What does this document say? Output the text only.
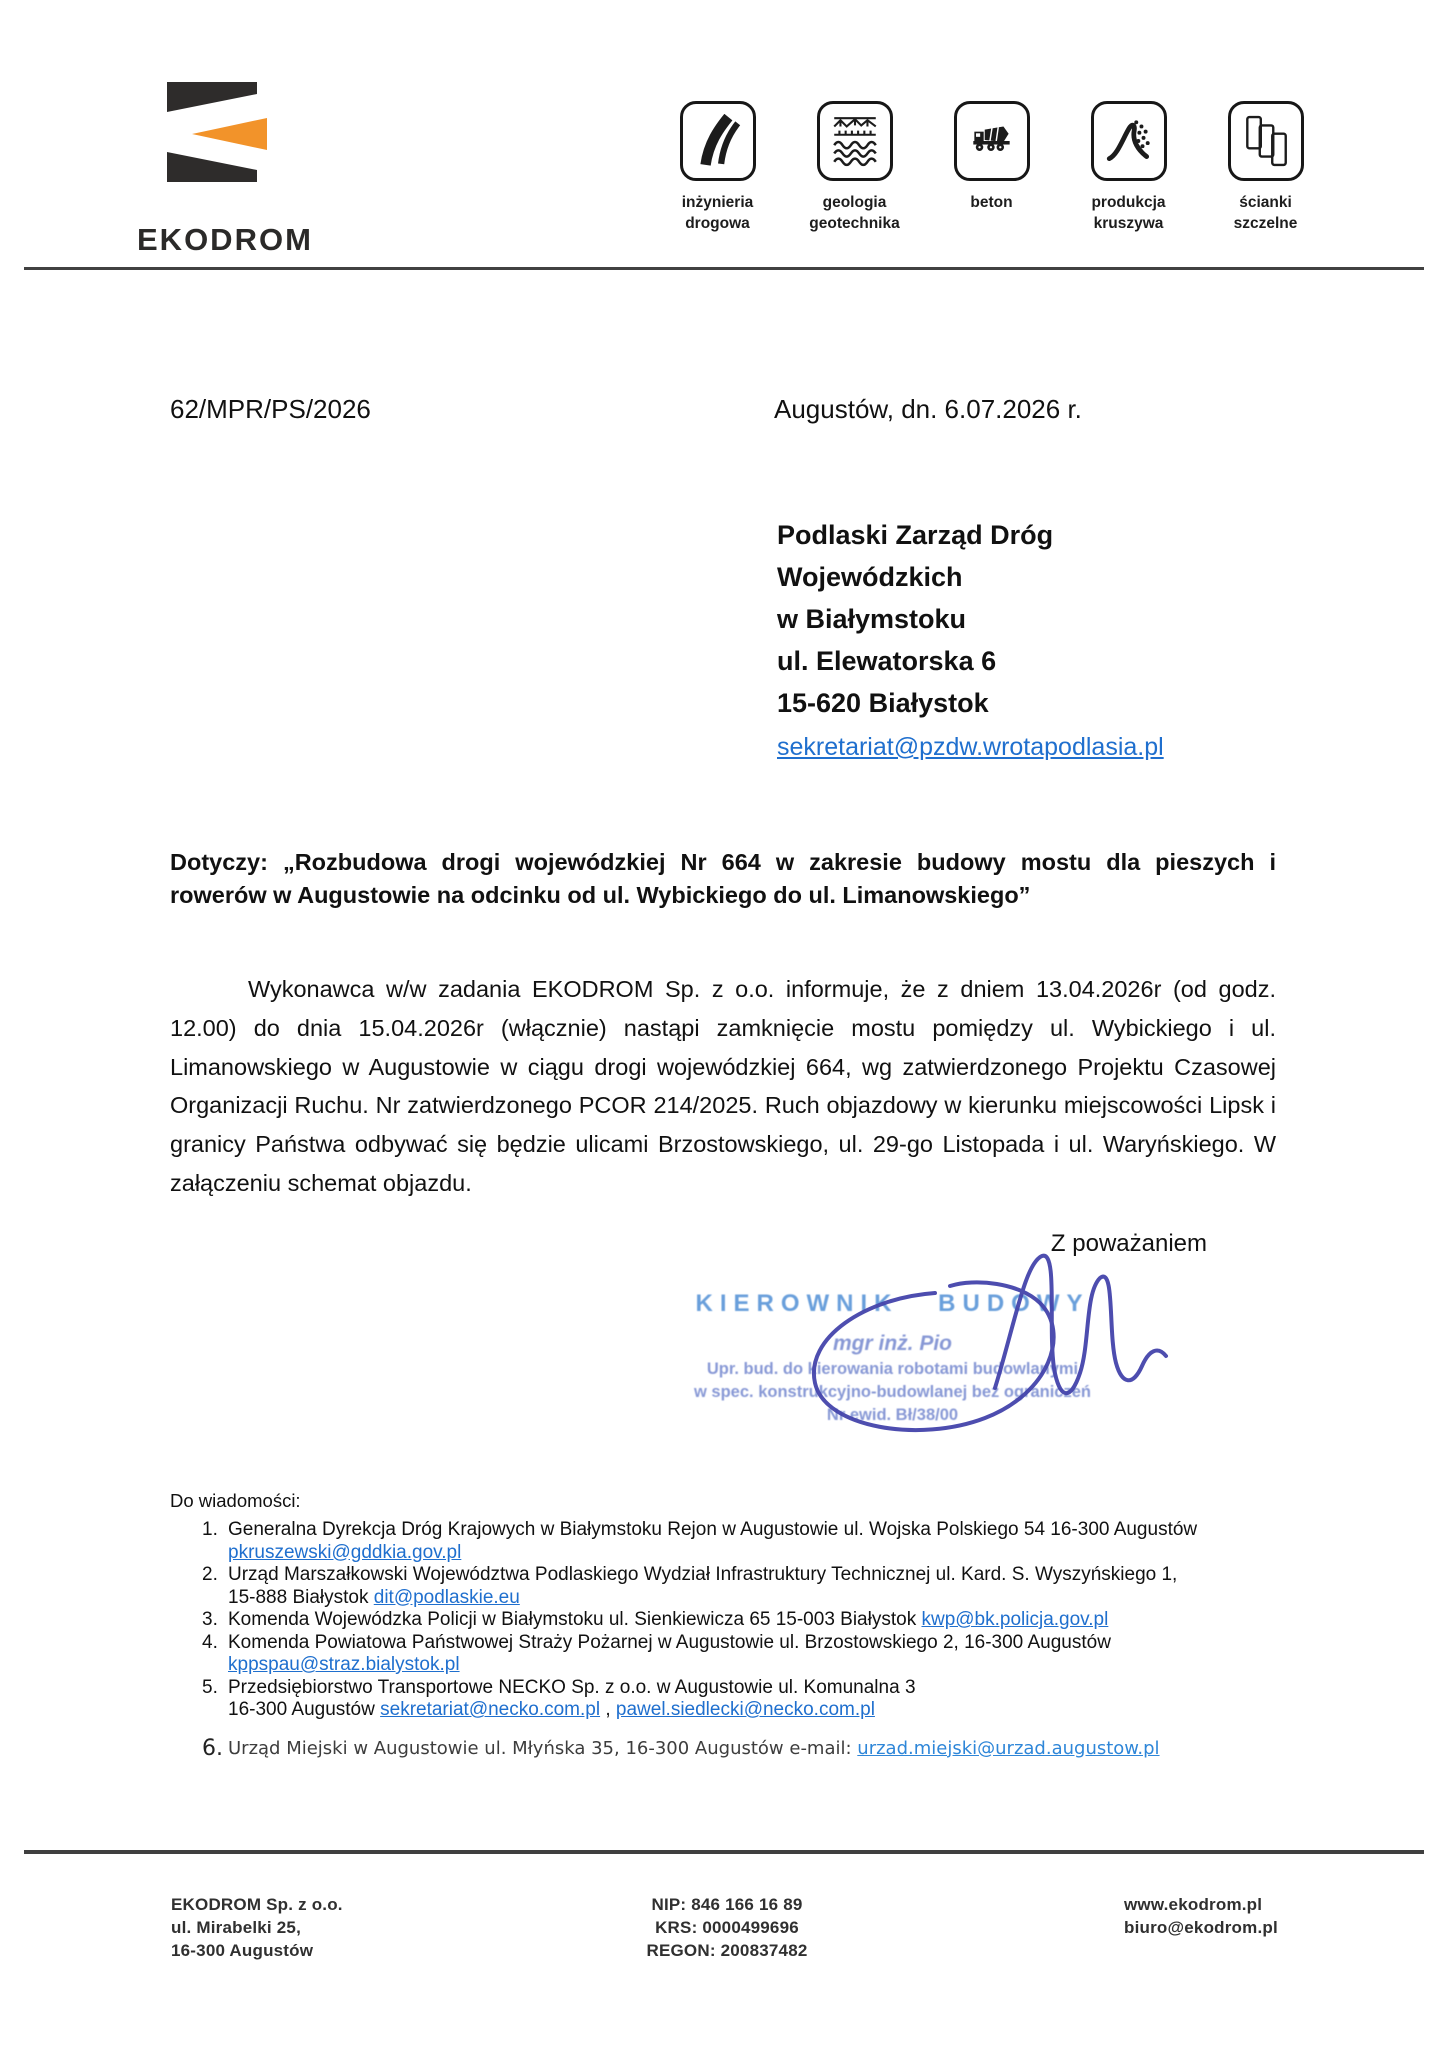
EKODROM
inżynieria
drogowa
geologia
geotechnika
beton	produkcja
kruszywa
ścianki
szczelne
62/MPR/PS/2026	Augustów, dn. 6.07.2026 r.
Podlaski Zarząd Dróg
Wojewódzkich
w Białymstoku
ul. Elewatorska 6
15-620 Białystok
sekretariat@pzdw.wrotapodlasia.pl
Dotyczy: „Rozbudowa drogi wojewódzkiej Nr 664 w zakresie budowy mostu dla pieszych i rowerów w Augustowie na odcinku od ul. Wybickiego do ul. Limanowskiego”
Wykonawca w/w zadania EKODROM Sp. z o.o. informuje, że z dniem 13.04.2026r (od godz. 12.00) do dnia 15.04.2026r (włącznie) nastąpi zamknięcie mostu pomiędzy ul. Wybickiego i ul. Limanowskiego w Augustowie w ciągu drogi wojewódzkiej 664, wg zatwierdzonego Projektu Czasowej Organizacji Ruchu. Nr zatwierdzonego PCOR 214/2025. Ruch objazdowy w kierunku miejscowości Lipsk i granicy Państwa odbywać się będzie ulicami Brzostowskiego, ul. 29-go Listopada i ul. Waryńskiego. W załączeniu schemat objazdu.
Z poważaniem
KIEROWNIK BUDOWY
mgr inż. Pio
Upr. bud. do kierowania robotami budowlanymi
w spec. konstrukcyjno-budowlanej bez ograniczeń
Nr ewid. Bł/38/00
Do wiadomości:
1. Generalna Dyrekcja Dróg Krajowych w Białymstoku Rejon w Augustowie ul. Wojska Polskiego 54 16-300 Augustów
pkruszewski@gddkia.gov.pl
2. Urząd Marszałkowski Województwa Podlaskiego Wydział Infrastruktury Technicznej ul. Kard. S. Wyszyńskiego 1,
15-888 Białystok dit@podlaskie.eu
3. Komenda Wojewódzka Policji w Białymstoku ul. Sienkiewicza 65 15-003 Białystok kwp@bk.policja.gov.pl
4. Komenda Powiatowa Państwowej Straży Pożarnej w Augustowie ul. Brzostowskiego 2, 16-300 Augustów
kppspau@straz.bialystok.pl
5. Przedsiębiorstwo Transportowe NECKO Sp. z o.o. w Augustowie ul. Komunalna 3
16-300 Augustów sekretariat@necko.com.pl , pawel.siedlecki@necko.com.pl
6. Urząd Miejski w Augustowie ul. Młyńska 35, 16-300 Augustów e-mail: urzad.miejski@urzad.augustow.pl
EKODROM Sp. z o.o.
ul. Mirabelki 25,
16-300 Augustów
NIP: 846 166 16 89
KRS: 0000499696
REGON: 200837482
www.ekodrom.pl
biuro@ekodrom.pl
